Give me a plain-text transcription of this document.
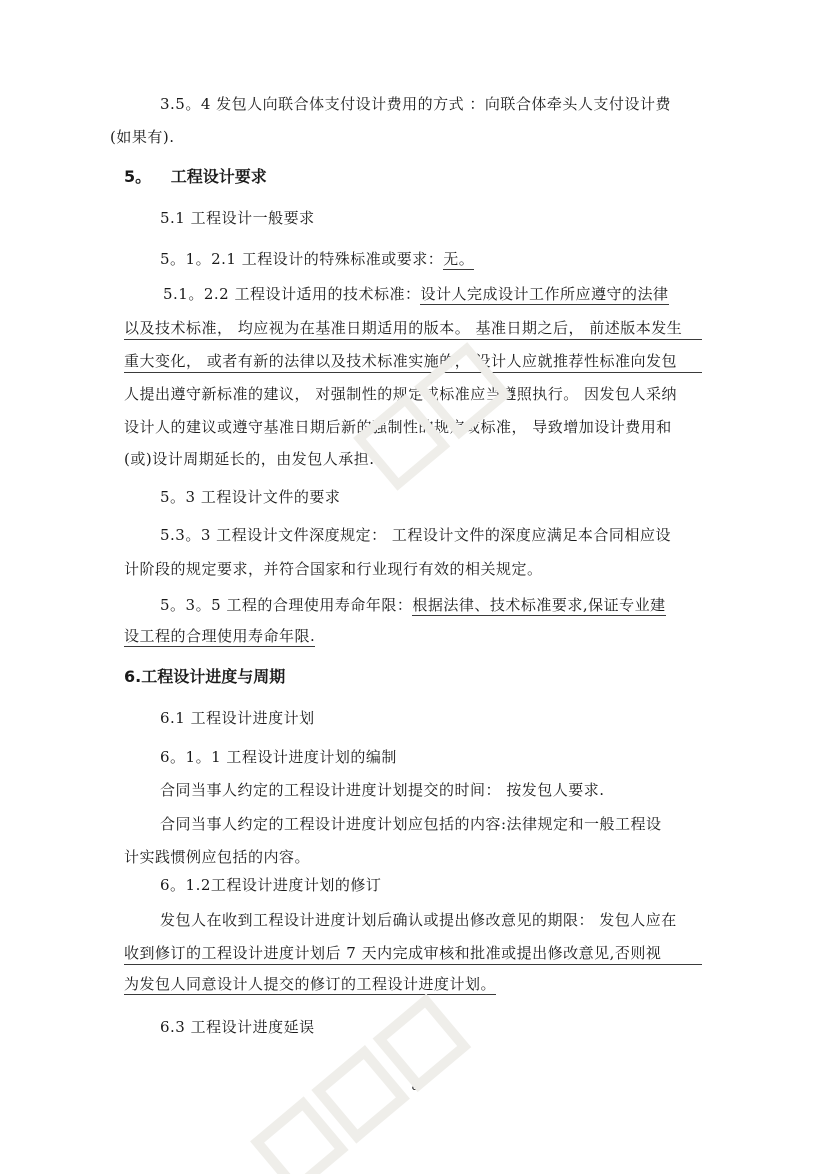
3.5。4 发包人向联合体支付设计费用的方式 ：向联合体牵头人支付设计费
(如果有).
5。 工程设计要求
5.1 工程设计一般要求
5。1。2.1 工程设计的特殊标准或要求：无。
5.1。2.2 工程设计适用的技术标准：设计人完成设计工作所应遵守的法律
以及技术标准， 均应视为在基准日期适用的版本。 基准日期之后， 前述版本发生
重大变化， 或者有新的法律以及技术标准实施的， 设计人应就推荐性标准向发包
人提出遵守新标准的建议， 对强制性的规定或标准应当遵照执行。 因发包人采纳
设计人的建议或遵守基准日期后新的强制性的规定或标准， 导致增加设计费用和
(或)设计周期延长的，由发包人承担.
5。3 工程设计文件的要求
5.3。3 工程设计文件深度规定： 工程设计文件的深度应满足本合同相应设
计阶段的规定要求，并符合国家和行业现行有效的相关规定。
5。3。5 工程的合理使用寿命年限：根据法律、技术标准要求,保证专业建
设工程的合理使用寿命年限.
6.工程设计进度与周期
6.1 工程设计进度计划
6。1。1 工程设计进度计划的编制
合同当事人约定的工程设计进度计划提交的时间： 按发包人要求.
合同当事人约定的工程设计进度计划应包括的内容:法律规定和一般工程设
计实践惯例应包括的内容。
6。1.2工程设计进度计划的修订
发包人在收到工程设计进度计划后确认或提出修改意见的期限： 发包人应在
收到修订的工程设计进度计划后 7 天内完成审核和批准或提出修改意见,否则视
为发包人同意设计人提交的修订的工程设计进度计划。
6.3 工程设计进度延误
8
